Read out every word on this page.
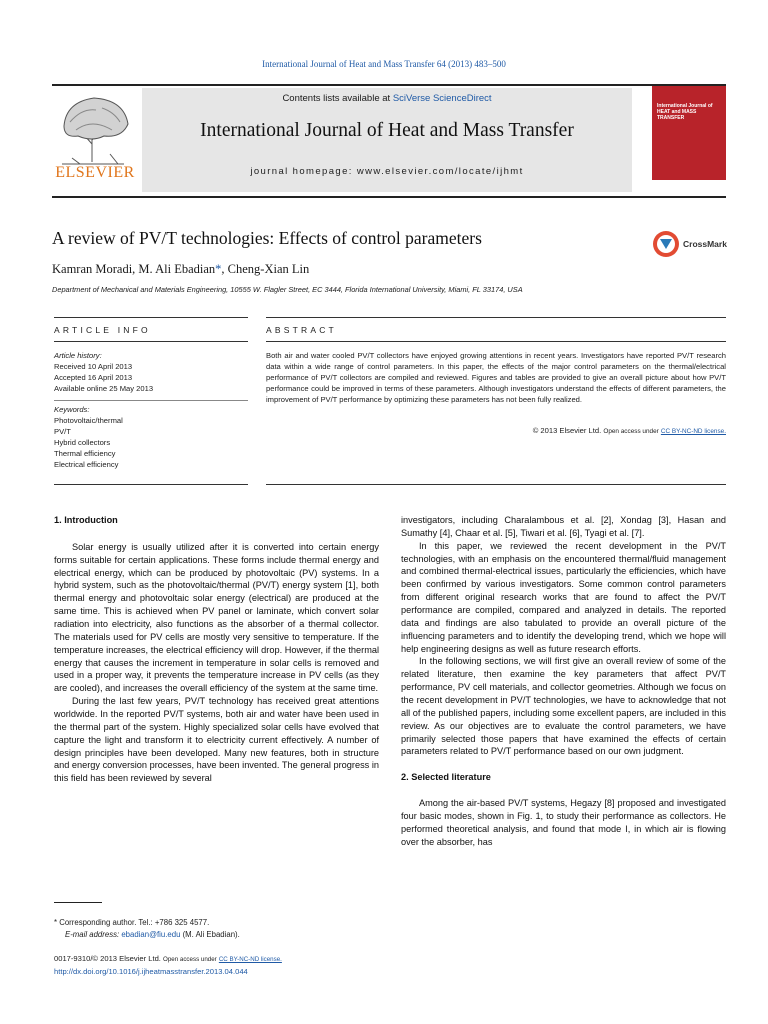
International Journal of Heat and Mass Transfer 64 (2013) 483–500
ELSEVIER
Contents lists available at SciVerse ScienceDirect
International Journal of Heat and Mass Transfer
journal homepage: www.elsevier.com/locate/ijhmt
International Journal of
HEAT and MASS
TRANSFER
A review of PV/T technologies: Effects of control parameters	CrossMark
Kamran Moradi, M. Ali Ebadian*, Cheng-Xian Lin
Department of Mechanical and Materials Engineering, 10555 W. Flagler Street, EC 3444, Florida International University, Miami, FL 33174, USA
ARTICLE INFO	ABSTRACT
Article history:
Received 10 April 2013
Accepted 16 April 2013
Available online 25 May 2013
Keywords:
Photovoltaic/thermal
PV/T
Hybrid collectors
Thermal efficiency
Electrical efficiency
Both air and water cooled PV/T collectors have enjoyed growing attentions in recent years. Investigators have reported PV/T research data within a wide range of control parameters. In this paper, the effects of the major control parameters on the thermal/electrical performance of PV/T collectors are compiled and reviewed. Figures and tables are provided to give an overall picture about how PV/T performance could be improved in terms of these parameters. Although investigators understand the effects of different parameters, the improvement of PV/T performance by optimizing these parameters has not been fully realized.
© 2013 Elsevier Ltd. Open access under CC BY-NC-ND license.
1. Introduction

Solar energy is usually utilized after it is converted into certain energy forms suitable for certain applications. These forms include thermal energy and electrical energy, which can be produced by photovoltaic (PV) systems. In a hybrid system, such as the photovoltaic/thermal (PV/T) energy system [1], both thermal energy and photovoltaic solar energy (electrical) are produced at the same time. This is achieved when PV panel or laminate, which convert solar radiation into electricity, also functions as the absorber of a thermal collector. The materials used for PV cells are mostly very sensitive to temperature. If the temperature increases, the electrical efficiency will drop. However, if the thermal energy that causes the increment in temperature in solar cells is removed and used in a proper way, it prevents the temperature increase in PV cells (as they are cooled), and increases the overall efficiency of the system at the same time.

During the last few years, PV/T technology has received great attentions worldwide. In the reported PV/T systems, both air and water have been used in the thermal part of the system. Highly specialized solar cells have evolved that capture the light and transform it to electricity current effectively. A number of design principles have been developed. Many new features, both in structure and energy conversion processes, have been invented. The general progress in this field has been reviewed by several

investigators, including Charalambous et al. [2], Xondag [3], Hasan and Sumathy [4], Chaar et al. [5], Tiwari et al. [6], Tyagi et al. [7].

In this paper, we reviewed the recent development in the PV/T technologies, with an emphasis on the encountered thermal/fluid management and combined thermal-electrical issues, particularly the efficiencies, which have been confirmed by various investigators. Some common control parameters from different original research works that are found to affect the PV/T performance are compiled, compared and analyzed in details. The reported data and findings are also tabulated to provide an overall picture of the influencing parameters and to identify the developing trend, which we hope will help engineering designs as well as future research efforts.

In the following sections, we will first give an overall review of some of the related literature, then examine the key parameters that affect PV/T performance, PV cell materials, and collector geometries. Although we focus on the recent development in PV/T technologies, we have to acknowledge that not all of the published papers, including some excellent papers, are included in this review. As our objectives are to evaluate the control parameters, we have primarily selected those papers that have examined the effects of certain parameters related to PV/T performance based on our own judgment.

2. Selected literature

Among the air-based PV/T systems, Hegazy [8] proposed and investigated four basic modes, shown in Fig. 1, to study their performance as collectors. He performed theoretical analysis, and found that mode I, in which air is flowing over the absorber, has

* Corresponding author. Tel.: +786 325 4577.
E-mail address: ebadian@fiu.edu (M. Ali Ebadian).
0017-9310/© 2013 Elsevier Ltd. Open access under CC BY-NC-ND license.
http://dx.doi.org/10.1016/j.ijheatmasstransfer.2013.04.044
